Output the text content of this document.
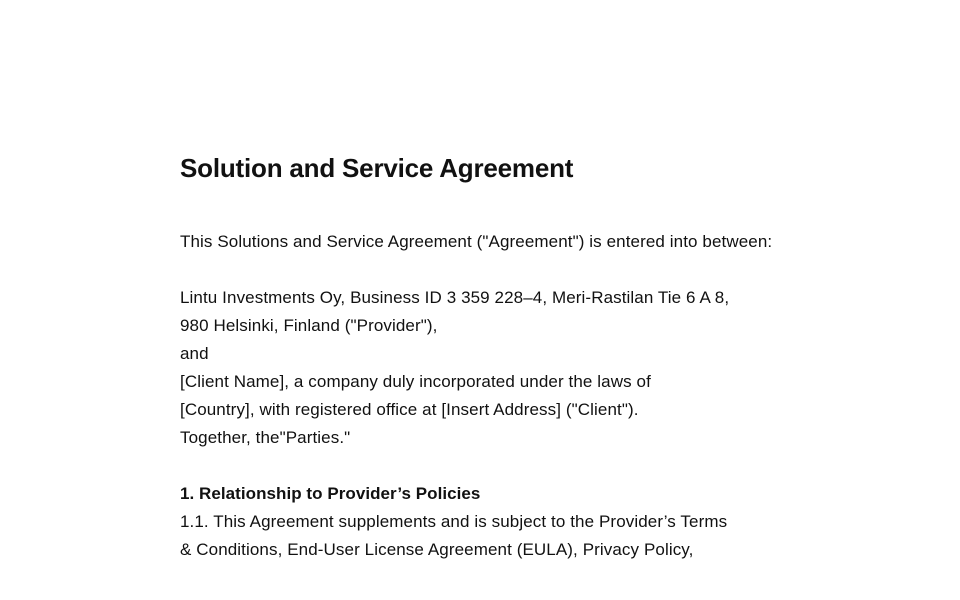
Solution and Service Agreement

This Solutions and Service Agreement ("Agreement") is entered into between:

Lintu Investments Oy, Business ID 3 359 228–4, Meri-Rastilan Tie 6 A 8,

980 Helsinki, Finland ("Provider"),

and

[Client Name], a company duly incorporated under the laws of

[Country], with registered office at [Insert Address] ("Client").

Together, the"Parties."

1. Relationship to Provider’s Policies

1.1. This Agreement supplements and is subject to the Provider’s Terms

& Conditions, End-User License Agreement (EULA), Privacy Policy,
